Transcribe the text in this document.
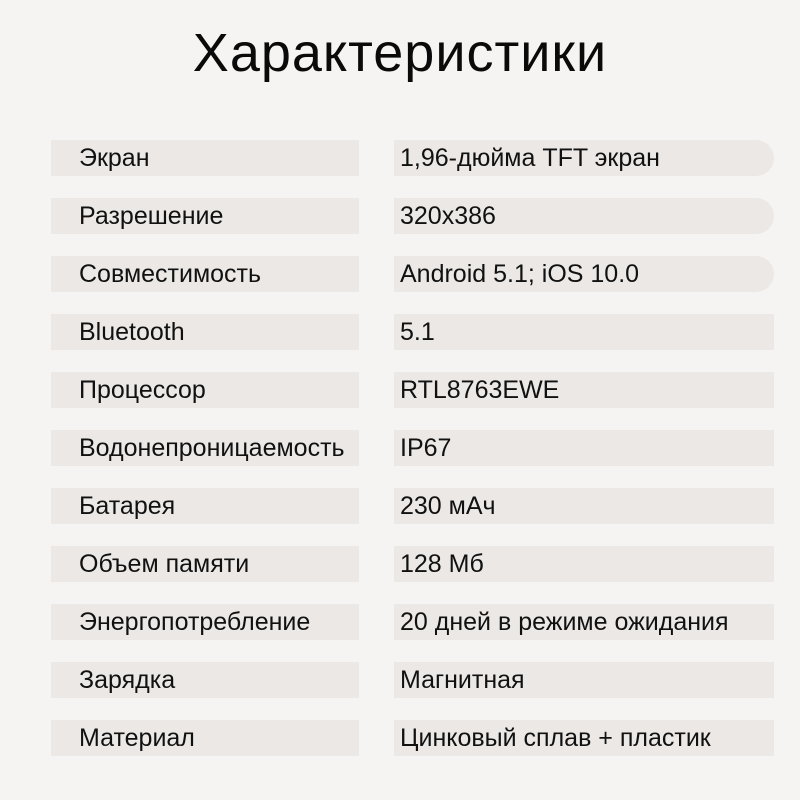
Характеристики
Экран	1,96-дюйма TFT экран
Разрешение	320x386
Совместимость	Android 5.1; iOS 10.0
Bluetooth	5.1
Процессор	RTL8763EWE
Водонепроницаемость	IP67
Батарея	230 мАч
Объем памяти	128 Мб
Энергопотребление	20 дней в режиме ожидания
Зарядка	Магнитная
Материал	Цинковый сплав + пластик
